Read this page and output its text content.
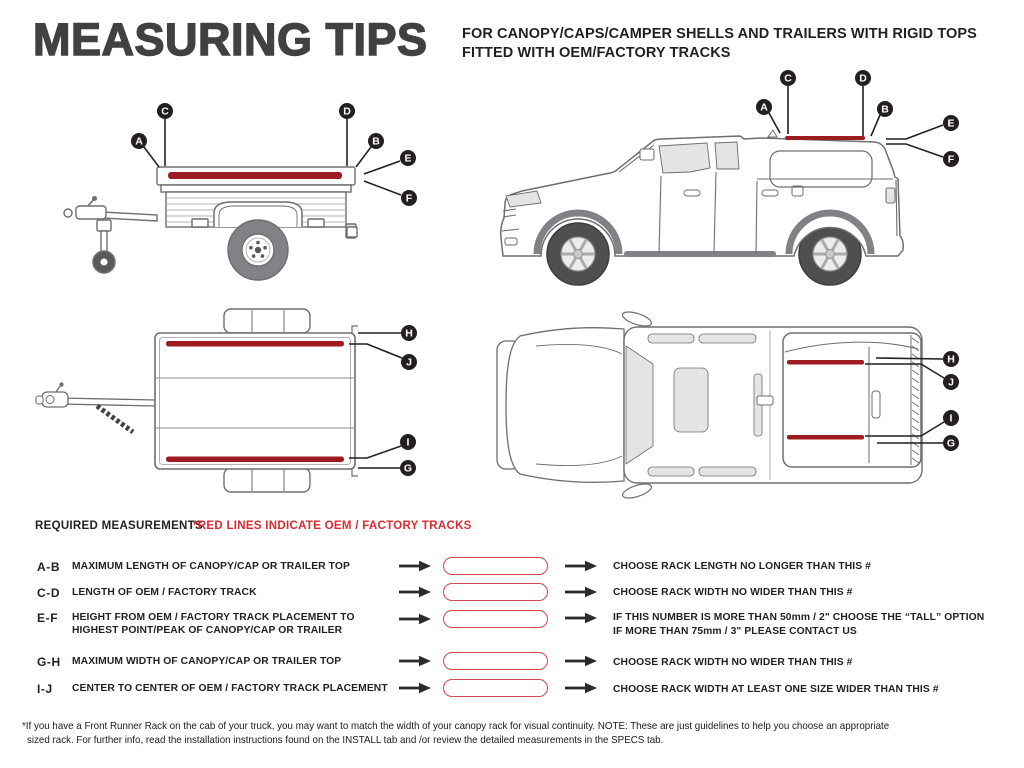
MEASURING TIPS FOR CANOPY/CAPS/CAMPER SHELLS AND TRAILERS WITH RIGID TOPS
FITTED WITH OEM/FACTORY TRACKS
C	D
A	B
E
F
C	D
A	B
E
F
H
J
I
G
H
J
I
G
REQUIRED MEASUREMENTS
*RED LINES INDICATE OEM / FACTORY TRACKS
A-B MAXIMUM LENGTH OF CANOPY/CAP OR TRAILER TOP	CHOOSE RACK LENGTH NO LONGER THAN THIS #
C-D LENGTH OF OEM / FACTORY TRACK	CHOOSE RACK WIDTH NO WIDER THAN THIS #
E-F HEIGHT FROM OEM / FACTORY TRACK PLACEMENT TO
HIGHEST POINT/PEAK OF CANOPY/CAP OR TRAILER
IF THIS NUMBER IS MORE THAN 50mm / 2" CHOOSE THE “TALL” OPTION
IF MORE THAN 75mm / 3" PLEASE CONTACT US
G-H MAXIMUM WIDTH OF CANOPY/CAP OR TRAILER TOP	CHOOSE RACK WIDTH NO WIDER THAN THIS #
I-J CENTER TO CENTER OF OEM / FACTORY TRACK PLACEMENT	CHOOSE RACK WIDTH AT LEAST ONE SIZE WIDER THAN THIS #
*If you have a Front Runner Rack on the cab of your truck, you may want to match the width of your canopy rack for visual continuity. NOTE: These are just guidelines to help you choose an appropriate
sized rack. For further info, read the installation instructions found on the INSTALL tab and /or review the detailed measurements in the SPECS tab.
